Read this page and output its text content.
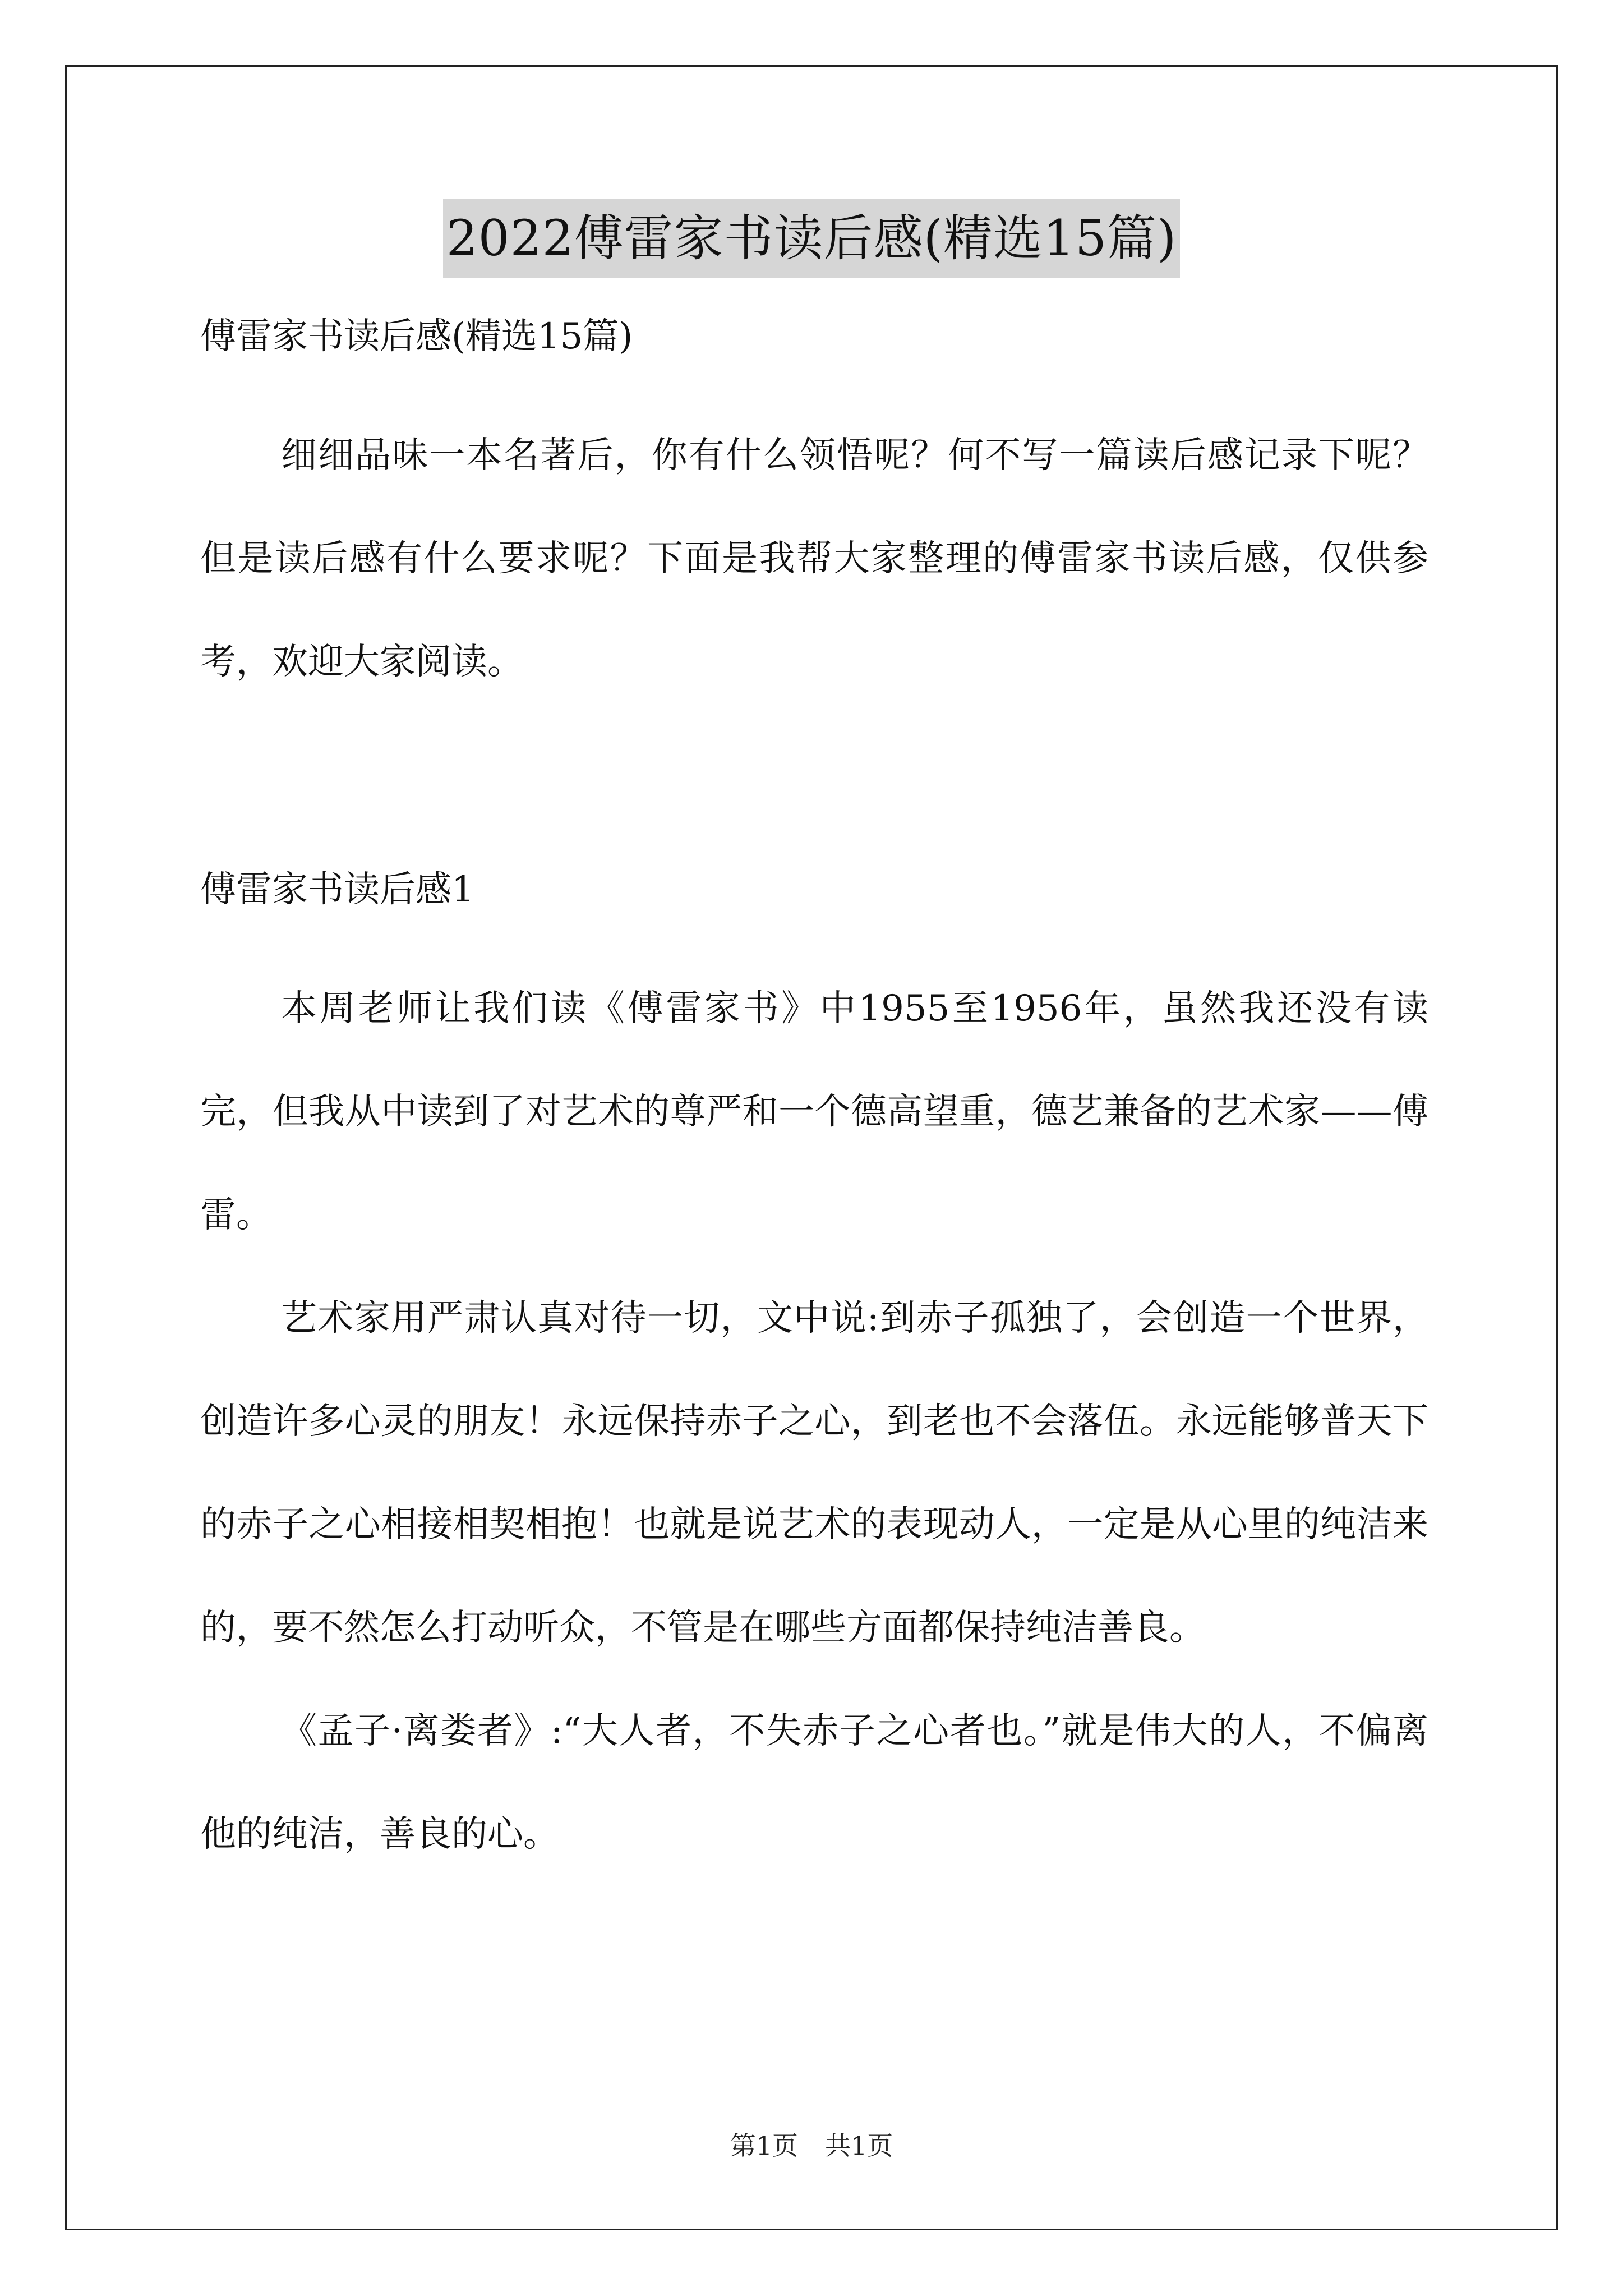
2022傅雷家书读后感(精选15篇)

傅雷家书读后感(精选15篇)

细细品味一本名著后，你有什么领悟呢？何不写一篇读后感记录下呢？但是读后感有什么要求呢？下面是我帮大家整理的傅雷家书读后感，仅供参考，欢迎大家阅读。

傅雷家书读后感1

本周老师让我们读《傅雷家书》中1955至1956年，虽然我还没有读完，但我从中读到了对艺术的尊严和一个德高望重，德艺兼备的艺术家——傅雷。

艺术家用严肃认真对待一切，文中说:到赤子孤独了，会创造一个世界，创造许多心灵的朋友！永远保持赤子之心，到老也不会落伍。永远能够普天下的赤子之心相接相契相抱！也就是说艺术的表现动人，一定是从心里的纯洁来的，要不然怎么打动听众，不管是在哪些方面都保持纯洁善良。

《孟子·离娄者》:“大人者，不失赤子之心者也。”就是伟大的人，不偏离他的纯洁，善良的心。

第1页 共1页
